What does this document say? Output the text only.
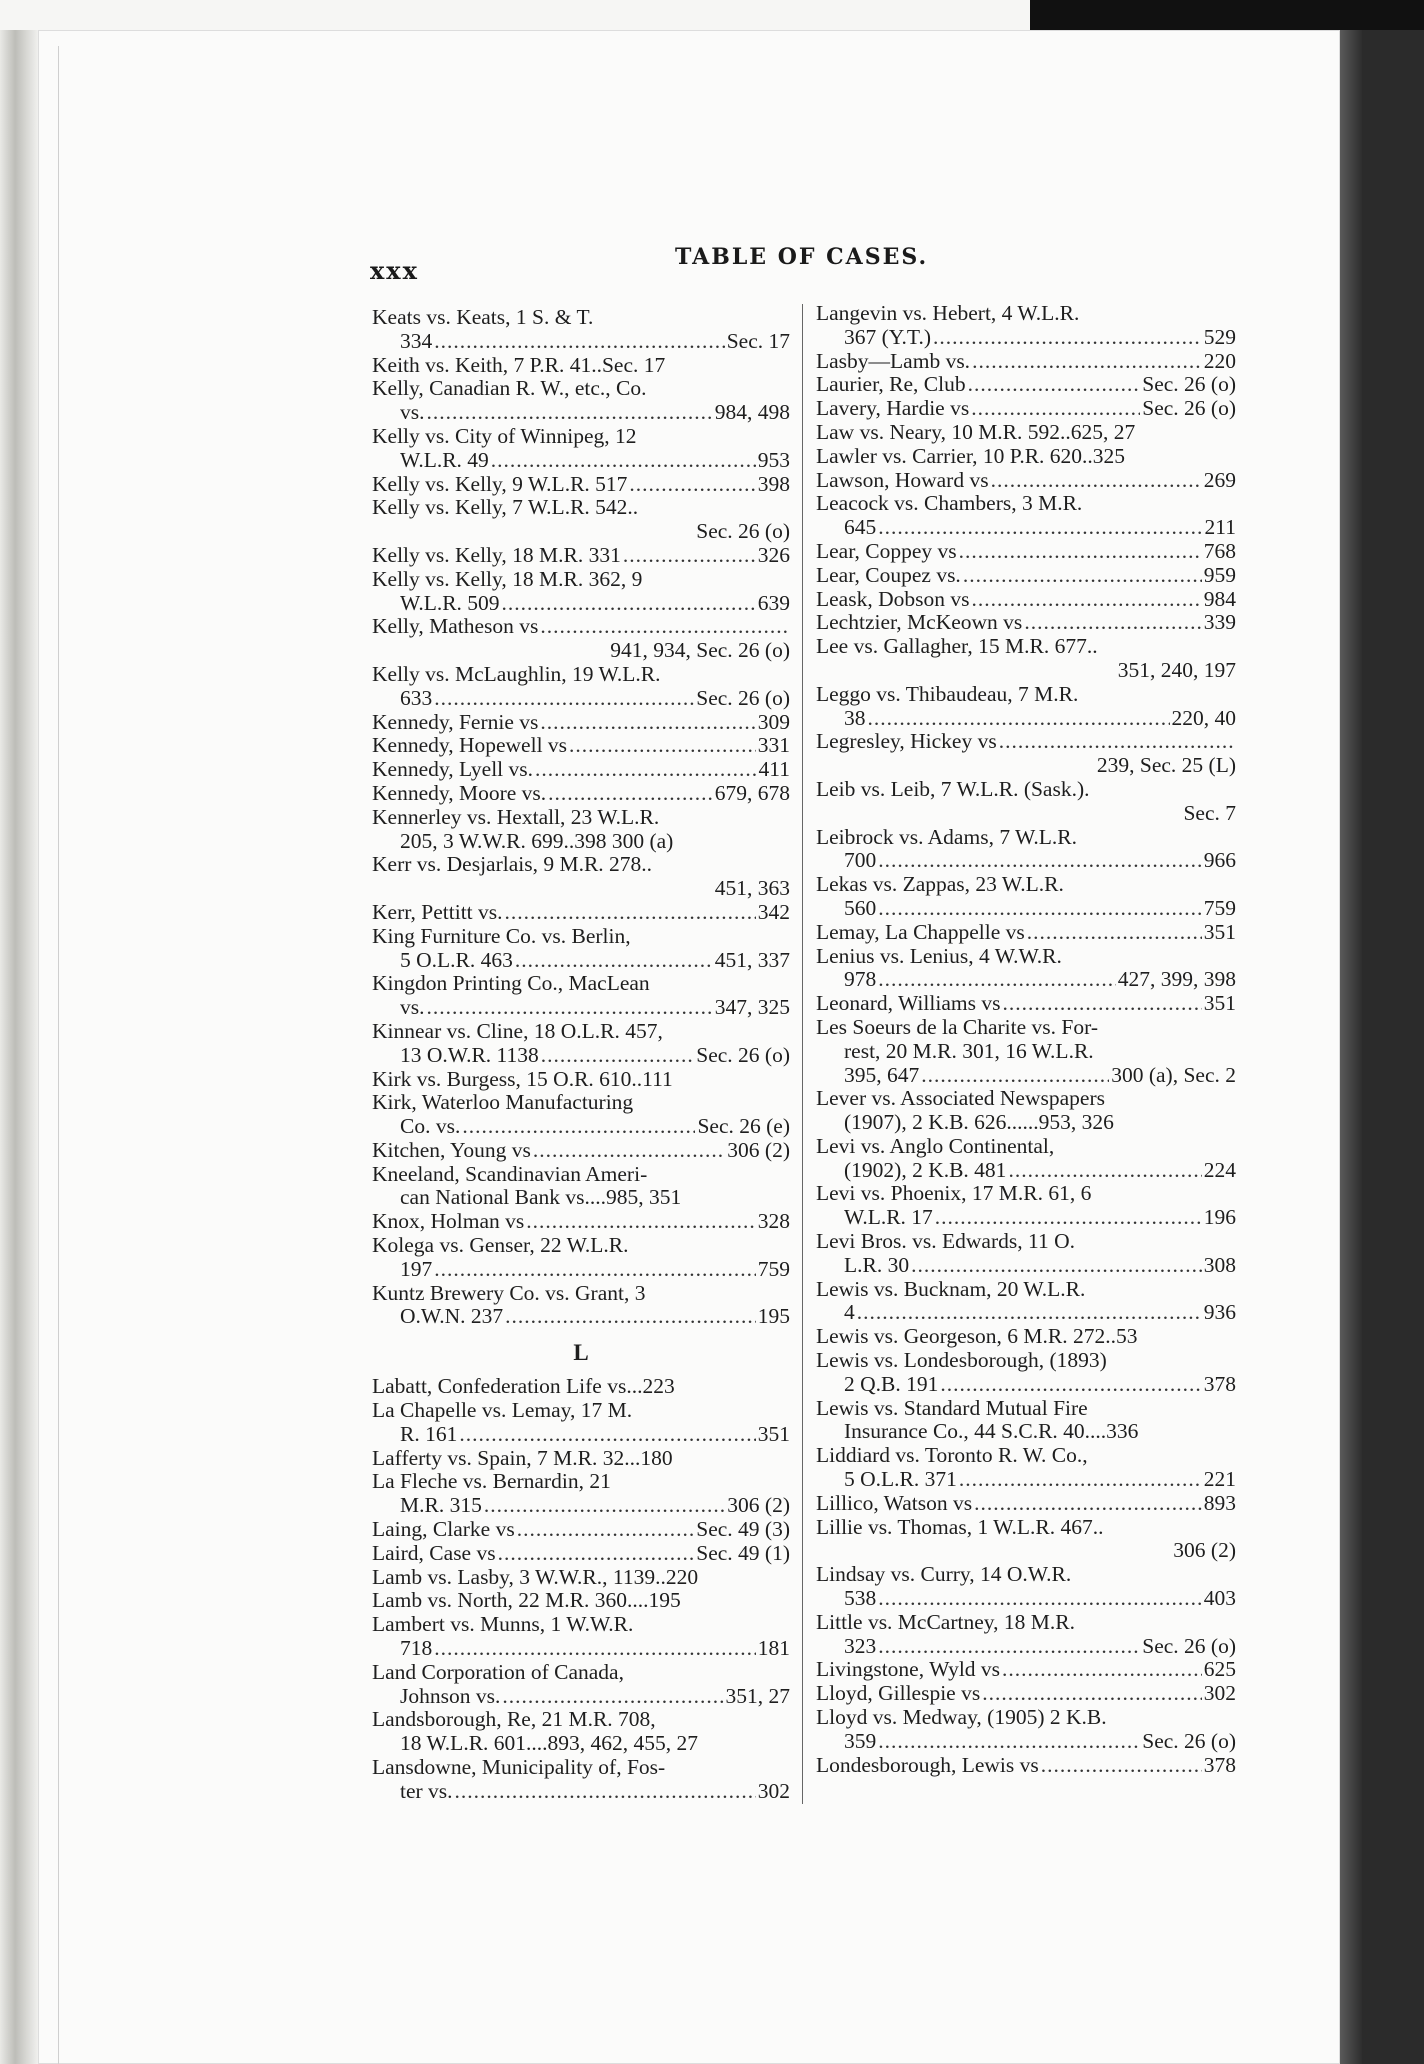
xxx	TABLE OF CASES.
Keats vs. Keats, 1 S. & T.
334 .....	Sec. 17
Keith vs. Keith, 7 P.R. 41..Sec. 17
Kelly, Canadian R. W., etc., Co.
vs. .....	984, 498
Kelly vs. City of Winnipeg, 12
W.L.R. 49 .....	953
Kelly vs. Kelly, 9 W.L.R. 517 .....	398
Kelly vs. Kelly, 7 W.L.R. 542..
Sec. 26 (o)
Kelly vs. Kelly, 18 M.R. 331 .....	326
Kelly vs. Kelly, 18 M.R. 362, 9
W.L.R. 509 .....	639
Kelly, Matheson vs
.....
941, 934, Sec. 26 (o)
Kelly vs. McLaughlin, 19 W.L.R.
633 .....	Sec. 26 (o)
Kennedy, Fernie vs .....	309
Kennedy, Hopewell vs .....	331
Kennedy, Lyell vs. .....	411
Kennedy, Moore vs. .....	679, 678
Kennerley vs. Hextall, 23 W.L.R.
205, 3 W.W.R. 699..398 300 (a)
Kerr vs. Desjarlais, 9 M.R. 278..
451, 363
Kerr, Pettitt vs. .....	342
King Furniture Co. vs. Berlin,
5 O.L.R. 463 .....	451, 337
Kingdon Printing Co., MacLean
vs. .....	347, 325
Kinnear vs. Cline, 18 O.L.R. 457,
13 O.W.R. 1138 .....	Sec. 26 (o)
Kirk vs. Burgess, 15 O.R. 610..111
Kirk, Waterloo Manufacturing
Co. vs. .....	Sec. 26 (e)
Kitchen, Young vs .....	306 (2)
Kneeland, Scandinavian Ameri-
can National Bank vs....985, 351
Knox, Holman vs .....	328
Kolega vs. Genser, 22 W.L.R.
197 .....	759
Kuntz Brewery Co. vs. Grant, 3
O.W.N. 237 .....	195
L
Labatt, Confederation Life vs...223
La Chapelle vs. Lemay, 17 M.
R. 161 .....	351
Lafferty vs. Spain, 7 M.R. 32...180
La Fleche vs. Bernardin, 21
M.R. 315 .....	306 (2)
Laing, Clarke vs .....	Sec. 49 (3)
Laird, Case vs .....	Sec. 49 (1)
Lamb vs. Lasby, 3 W.W.R., 1139..220
Lamb vs. North, 22 M.R. 360....195
Lambert vs. Munns, 1 W.W.R.
718 .....	181
Land Corporation of Canada,
Johnson vs. .....	351, 27
Landsborough, Re, 21 M.R. 708,
18 W.L.R. 601....893, 462, 455, 27
Lansdowne, Municipality of, Fos-
ter vs. .....	302
Langevin vs. Hebert, 4 W.L.R.
367 (Y.T.) .....	529
Lasby—Lamb vs. .....	220
Laurier, Re, Club .....	Sec. 26 (o)
Lavery, Hardie vs .....	Sec. 26 (o)
Law vs. Neary, 10 M.R. 592..625, 27
Lawler vs. Carrier, 10 P.R. 620..325
Lawson, Howard vs .....	269
Leacock vs. Chambers, 3 M.R.
645 .....	211
Lear, Coppey vs .....	768
Lear, Coupez vs. .....	959
Leask, Dobson vs .....	984
Lechtzier, McKeown vs .....	339
Lee vs. Gallagher, 15 M.R. 677..
351, 240, 197
Leggo vs. Thibaudeau, 7 M.R.
38 .....	220, 40
Legresley, Hickey vs
.....
239, Sec. 25 (L)
Leib vs. Leib, 7 W.L.R. (Sask.).
Sec. 7
Leibrock vs. Adams, 7 W.L.R.
700 .....	966
Lekas vs. Zappas, 23 W.L.R.
560 .....	759
Lemay, La Chappelle vs .....	351
Lenius vs. Lenius, 4 W.W.R.
978 .....	427, 399, 398
Leonard, Williams vs .....	351
Les Soeurs de la Charite vs. For-
rest, 20 M.R. 301, 16 W.L.R.
395, 647 .....	300 (a), Sec. 2
Lever vs. Associated Newspapers
(1907), 2 K.B. 626......953, 326
Levi vs. Anglo Continental,
(1902), 2 K.B. 481 .....	224
Levi vs. Phoenix, 17 M.R. 61, 6
W.L.R. 17 .....	196
Levi Bros. vs. Edwards, 11 O.
L.R. 30 .....	308
Lewis vs. Bucknam, 20 W.L.R.
4 .....	936
Lewis vs. Georgeson, 6 M.R. 272..53
Lewis vs. Londesborough, (1893)
2 Q.B. 191 .....	378
Lewis vs. Standard Mutual Fire
Insurance Co., 44 S.C.R. 40....336
Liddiard vs. Toronto R. W. Co.,
5 O.L.R. 371 .....	221
Lillico, Watson vs .....	893
Lillie vs. Thomas, 1 W.L.R. 467..
306 (2)
Lindsay vs. Curry, 14 O.W.R.
538 .....	403
Little vs. McCartney, 18 M.R.
323 .....	Sec. 26 (o)
Livingstone, Wyld vs .....	625
Lloyd, Gillespie vs .....	302
Lloyd vs. Medway, (1905) 2 K.B.
359 .....	Sec. 26 (o)
Londesborough, Lewis vs .....	378
